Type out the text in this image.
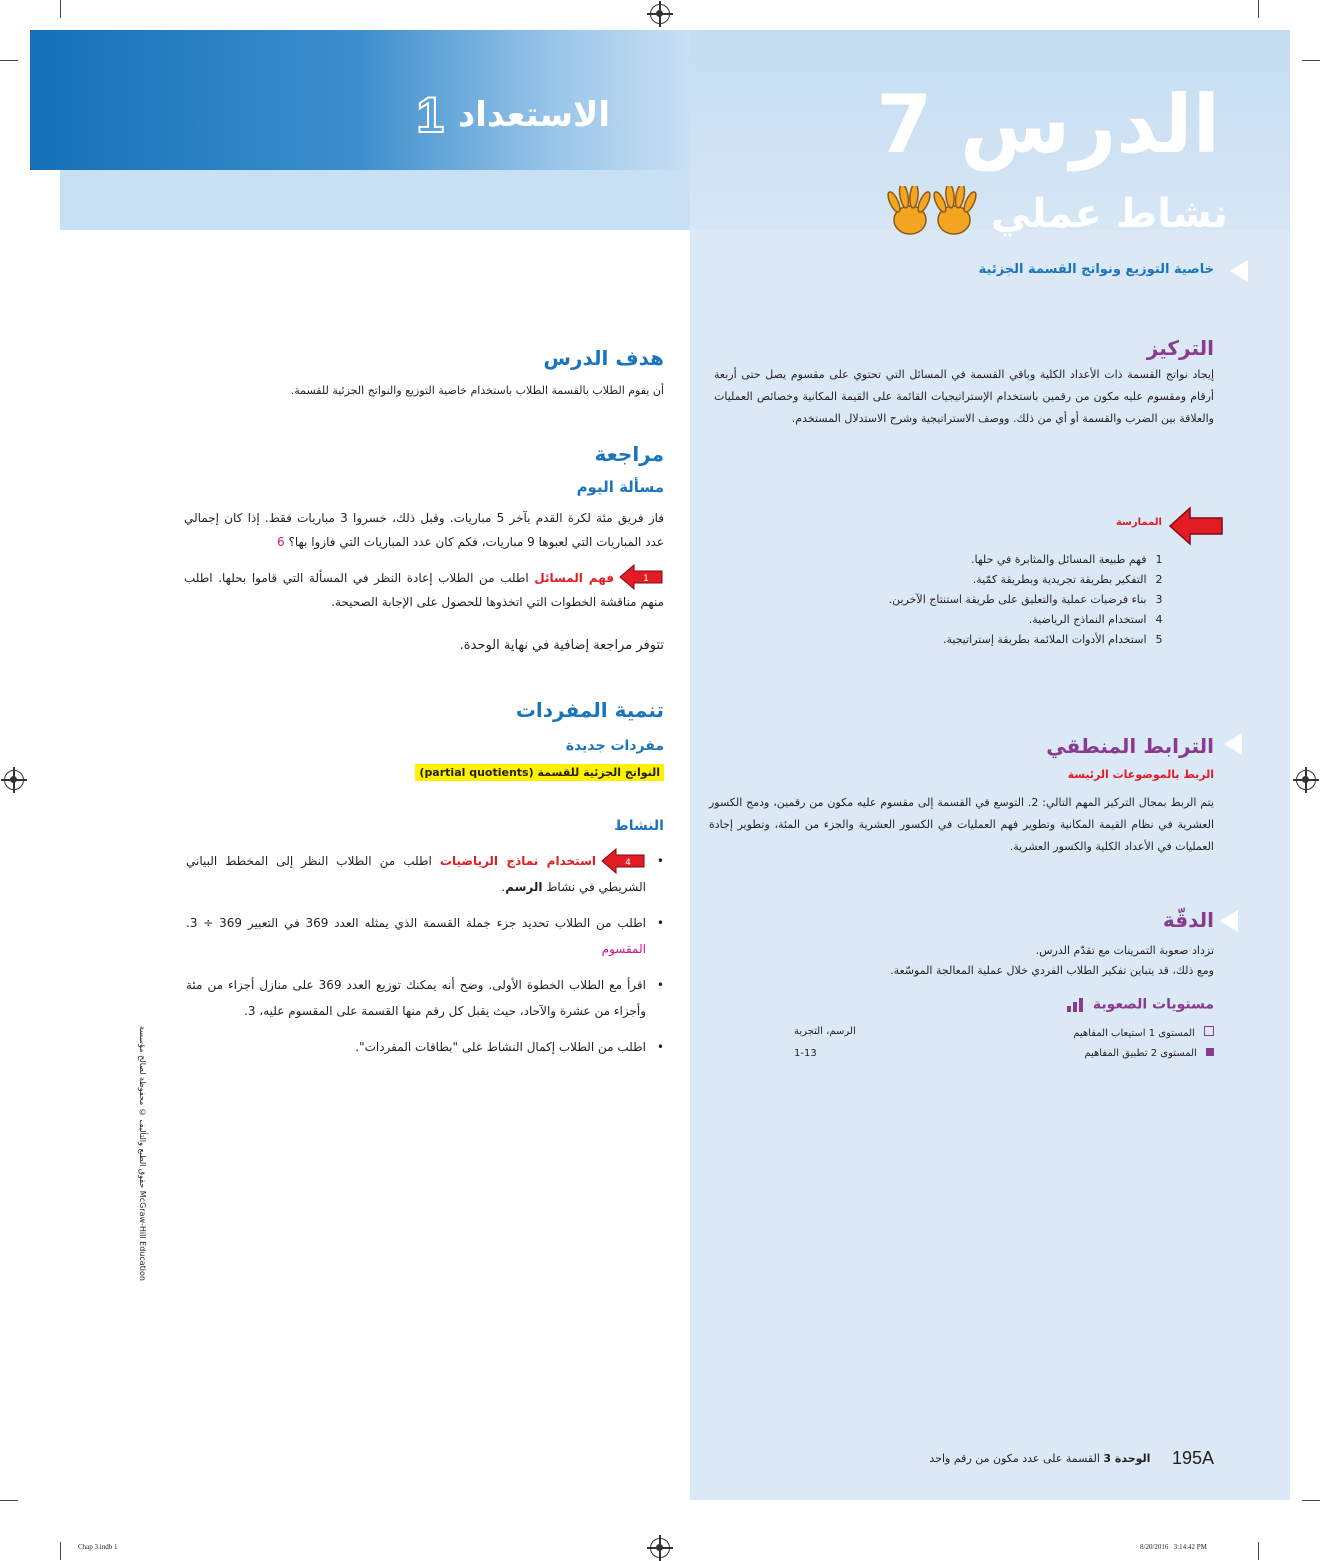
الاستعداد 1	الدرس 7
نشاط عملي
خاصية التوزيع ونواتج القسمة الجزئية
التركيز
إيجاد نواتج القسمة ذات الأعداد الكلية وباقي القسمة في المسائل التي تحتوي على مقسوم يصل حتى أربعة أرقام ومقسوم عليه مكون من رقمين باستخدام الإستراتيجيات القائمة على القيمة المكانية وخصائص العمليات والعلاقة بين الضرب والقسمة أو أي من ذلك. ووصف الاستراتيجية وشرح الاستدلال المستخدم.
الممارسة
1 فهم طبيعة المسائل والمثابرة في حلها.
2 التفكير بطريقة تجريدية وبطريقة كمّية.
3 بناء فرضيات عملية والتعليق على طريقة استنتاج الآخرين.
4 استخدام النماذج الرياضية.
5 استخدام الأدوات الملائمة بطريقة إستراتيجية.
الترابط المنطقي
الربط بالموضوعات الرئيسة
يتم الربط بمجال التركيز المهم التالي: 2. التوسع في القسمة إلى مقسوم عليه مكون من رقمين، ودمج الكسور العشرية في نظام القيمة المكانية وتطوير فهم العمليات في الكسور العشرية والجزء من المئة، وتطوير إجادة العمليات في الأعداد الكلية والكسور العشرية.
الدقّة
تزداد صعوبة التمرينات مع تقدّم الدرس.
ومع ذلك، قد يتباين تفكير الطلاب الفردي خلال عملية المعالجة الموسّعة.
مستويات الصعوبة
المستوى 1 استيعاب المفاهيم
الرسم، التجربة
المستوى 2 تطبيق المفاهيم
1-13
هدف الدرس
أن يقوم الطلاب بالقسمة الطلاب باستخدام خاصية التوزيع والنواتج الجزئية للقسمة.
مراجعة
مسألة اليوم
فاز فريق مئة لكرة القدم بآخر 5 مباريات. وقبل ذلك، خسروا 3 مباريات فقط. إذا كان إجمالي عدد المباريات التي لعبوها 9 مباريات، فكم كان عدد المباريات التي فازوا بها؟ 6
1
فهم المسائل اطلب من الطلاب إعادة النظر في المسألة التي قاموا بحلها. اطلب منهم مناقشة الخطوات التي اتخذوها للحصول على الإجابة الصحيحة.
تتوفر مراجعة إضافية في نهاية الوحدة.
تنمية المفردات
مفردات جديدة
النواتج الجزئية للقسمة (partial quotients)
النشاط
• 4
استخدام نماذج الرياضيات اطلب من الطلاب النظر إلى المخطط البياني الشريطي في نشاط الرسم.
• اطلب من الطلاب تحديد جزء جملة القسمة الذي يمثله العدد 369 في التعبير 369 ÷ 3. المقسوم
• اقرأ مع الطلاب الخطوة الأولى. وضح أنه يمكنك توزيع العدد 369 على منازل أجزاء من مئة وأجزاء من عشرة والآحاد، حيث يقبل كل رقم منها القسمة على المقسوم عليه، 3.
• اطلب من الطلاب إكمال النشاط على "بطاقات المفردات".
حقوق الطبع والتأليف © محفوظة لصالح مؤسسة McGraw-Hill Education
195A الوحدة 3 القسمة على عدد مكون من رقم واحد
Chap 3.indb 1	8/20/2016   3:14:42 PM
